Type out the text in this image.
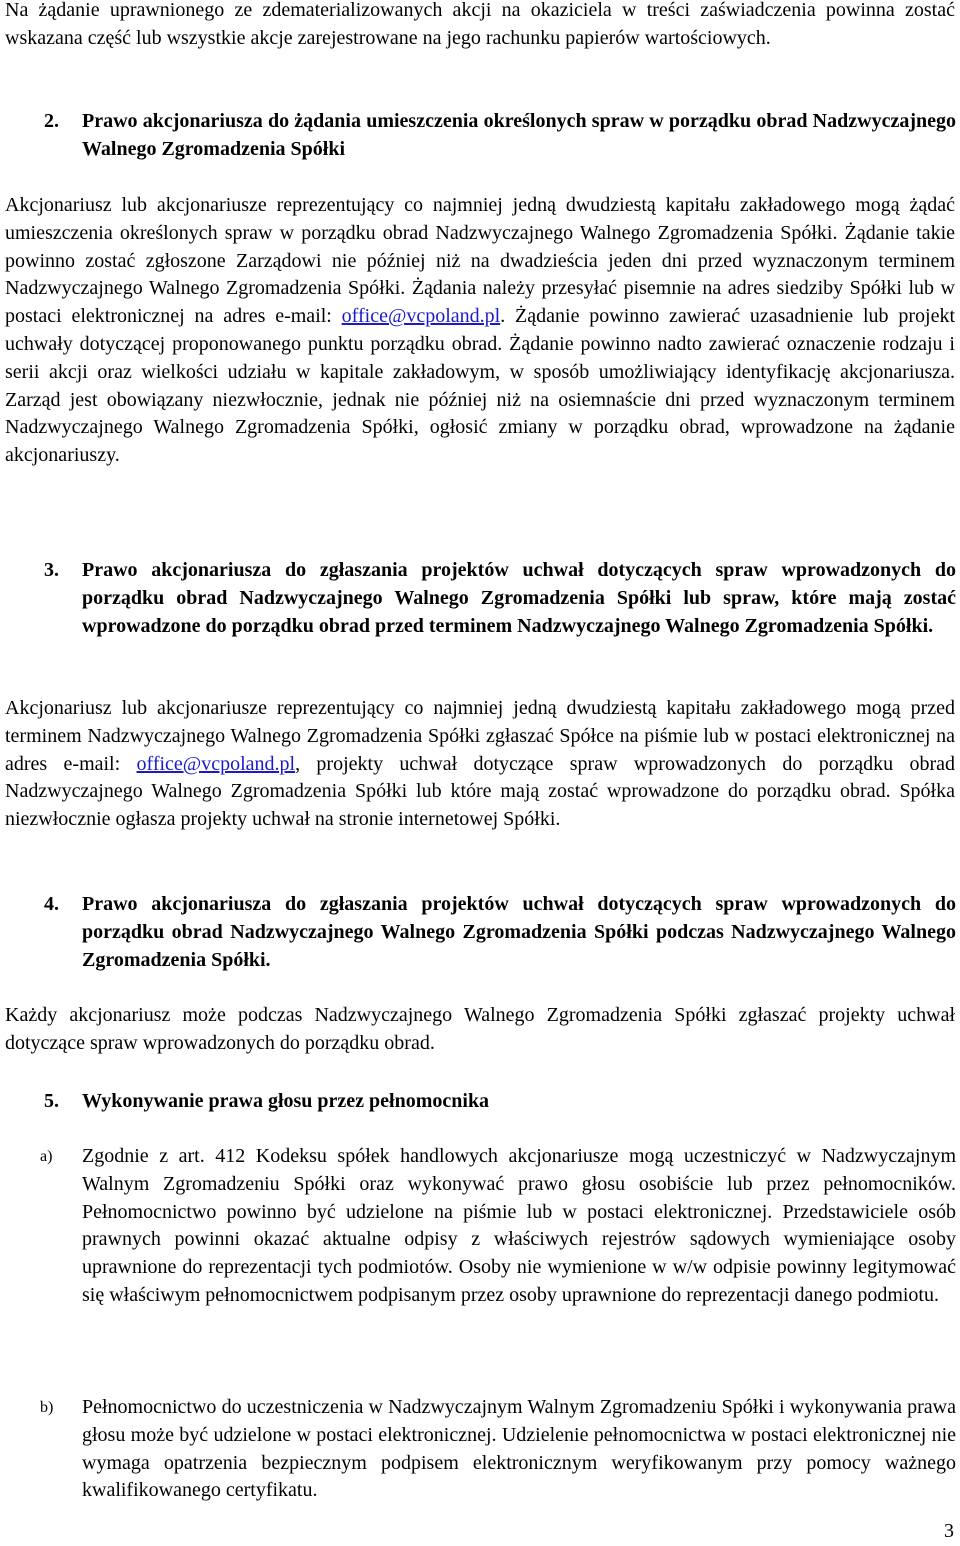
Na żądanie uprawnionego ze zdematerializowanych akcji na okaziciela w treści zaświadczenia powinna zostać wskazana część lub wszystkie akcje zarejestrowane na jego rachunku papierów wartościowych.

2. Prawo akcjonariusza do żądania umieszczenia określonych spraw w porządku obrad Nadzwyczajnego Walnego Zgromadzenia Spółki

Akcjonariusz lub akcjonariusze reprezentujący co najmniej jedną dwudziestą kapitału zakładowego mogą żądać umieszczenia określonych spraw w porządku obrad Nadzwyczajnego Walnego Zgromadzenia Spółki. Żądanie takie powinno zostać zgłoszone Zarządowi nie później niż na dwadzieścia jeden dni przed wyznaczonym terminem Nadzwyczajnego Walnego Zgromadzenia Spółki. Żądania należy przesyłać pisemnie na adres siedziby Spółki lub w postaci elektronicznej na adres e-mail: office@vcpoland.pl. Żądanie powinno zawierać uzasadnienie lub projekt uchwały dotyczącej proponowanego punktu porządku obrad. Żądanie powinno nadto zawierać oznaczenie rodzaju i serii akcji oraz wielkości udziału w kapitale zakładowym, w sposób umożliwiający identyfikację akcjonariusza. Zarząd jest obowiązany niezwłocznie, jednak nie później niż na osiemnaście dni przed wyznaczonym terminem Nadzwyczajnego Walnego Zgromadzenia Spółki, ogłosić zmiany w porządku obrad, wprowadzone na żądanie akcjonariuszy.

3. Prawo akcjonariusza do zgłaszania projektów uchwał dotyczących spraw wprowadzonych do porządku obrad Nadzwyczajnego Walnego Zgromadzenia Spółki lub spraw, które mają zostać wprowadzone do porządku obrad przed terminem Nadzwyczajnego Walnego Zgromadzenia Spółki.

Akcjonariusz lub akcjonariusze reprezentujący co najmniej jedną dwudziestą kapitału zakładowego mogą przed terminem Nadzwyczajnego Walnego Zgromadzenia Spółki zgłaszać Spółce na piśmie lub w postaci elektronicznej na adres e-mail: office@vcpoland.pl, projekty uchwał dotyczące spraw wprowadzonych do porządku obrad Nadzwyczajnego Walnego Zgromadzenia Spółki lub które mają zostać wprowadzone do porządku obrad. Spółka niezwłocznie ogłasza projekty uchwał na stronie internetowej Spółki.

4. Prawo akcjonariusza do zgłaszania projektów uchwał dotyczących spraw wprowadzonych do porządku obrad Nadzwyczajnego Walnego Zgromadzenia Spółki podczas Nadzwyczajnego Walnego Zgromadzenia Spółki.

Każdy akcjonariusz może podczas Nadzwyczajnego Walnego Zgromadzenia Spółki zgłaszać projekty uchwał dotyczące spraw wprowadzonych do porządku obrad.

5. Wykonywanie prawa głosu przez pełnomocnika
a) Zgodnie z art. 412 Kodeksu spółek handlowych akcjonariusze mogą uczestniczyć w Nadzwyczajnym Walnym Zgromadzeniu Spółki oraz wykonywać prawo głosu osobiście lub przez pełnomocników. Pełnomocnictwo powinno być udzielone na piśmie lub w postaci elektronicznej. Przedstawiciele osób prawnych powinni okazać aktualne odpisy z właściwych rejestrów sądowych wymieniające osoby uprawnione do reprezentacji tych podmiotów. Osoby nie wymienione w w/w odpisie powinny legitymować się właściwym pełnomocnictwem podpisanym przez osoby uprawnione do reprezentacji danego podmiotu.
b) Pełnomocnictwo do uczestniczenia w Nadzwyczajnym Walnym Zgromadzeniu Spółki i wykonywania prawa głosu może być udzielone w postaci elektronicznej. Udzielenie pełnomocnictwa w postaci elektronicznej nie wymaga opatrzenia bezpiecznym podpisem elektronicznym weryfikowanym przy pomocy ważnego kwalifikowanego certyfikatu.
3
